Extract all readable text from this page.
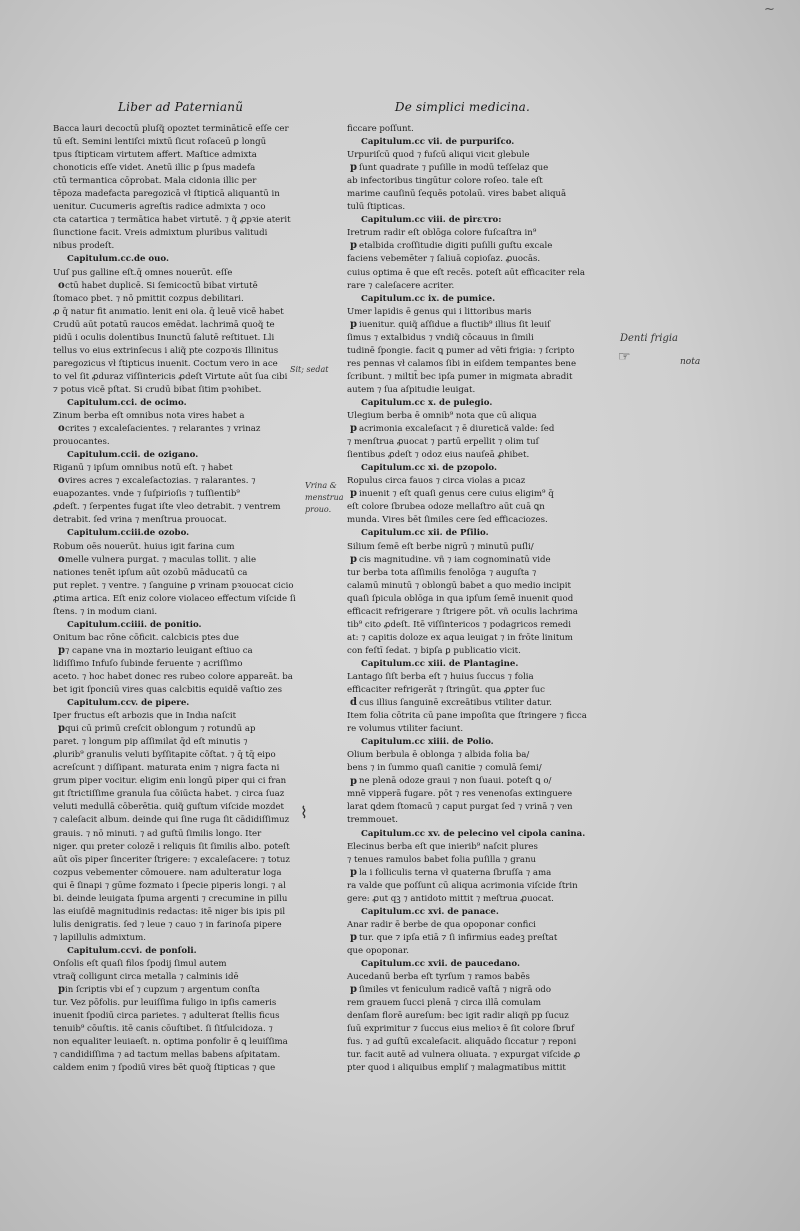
~
Liber ad Paternianũ	De simplici medicina.
Bacca lauri decoctū pluſq̃ opoztet termināticē eſſe cer
tū eſt. Semini lentiſci mixtū ſicut roſaceū ꝑ longū
tpus ſtipticam virtutem affert. Maſtice admixta
chonoticis eſſe videt. Anetū illic ꝑ ſpus madefa
ctū termantica cōprobat. Mala cidonia illic per
tēpoza madefacta paregozicā vł ſtipticā aliquantū in
uenitur. Cucumeris agreſtis radice admixta ⁊ oco
cta catartica ⁊ termātica habet virtutē. ⁊ q̃ ꝓpꝛie aterit
ſiunctione facit. Vreis admixtum pluribus valitudi
nibus prodeſt.
Capitulum.cc.de ouo.
Uuſ pus galline eſt.q̄ omnes nouerūt. eſſe
ctū habet duplicē. Si ſemicoctū bibat virtutē
ſtomaco pbet. ⁊ nō pmittit cozpus debilitari.
ꝓ q̄ natur fit anımatio. lenit eni ola. q̄ leuē vicē habet
Crudū aūt potatū raucos emēdat. lachrimā quoq̃ te
pidū i oculis dolentibus Inunctū ſalutē reſtituet. Lli
tellus vo eius extrinſecus i aliq̃ pte cozpoꝛis Illinitus
paregozicus vł ſtipticus inuenit. Coctum vero in ace
to vel ſit ꝓduraz viſſintericis ꝓdeſt Virtute aūt ſua cibi
⁊ potus vicē pſtat. Si crudū bibat ſitim pꝛohibet.
Capitulum.cci. de ocimo.
Zinum berba eſt omnibus nota vires habet a
crites ⁊ excaleſacientes. ⁊ relarantes ⁊ vrinaz
prouocantes.
Capitulum.ccii. de ozigano.
Riganū ⁊ ipſum omnibus notū eſt. ⁊ habet
vires acres ⁊ excaleſactozias. ⁊ ralarantes. ⁊
euapozantes. vnde ⁊ ſuſpirioſis ⁊ tuſſientib⁹
ꝓdeſt. ⁊ ſerpentes fugat iſte vleo detrabit. ⁊ ventrem
detrabit. ſed vrina ⁊ menſtrua prouocat.
Capitulum.cciii.de ozobo.
Robum oēs nouerūt. huius igit farina cum
melle vulnera purgat. ⁊ maculas tollit. ⁊ alie
nationes tenēt ipſum aūt ozobū māducatū ca
put replet. ⁊ ventre. ⁊ ſanguine ꝑ vrinam pꝛouocat cicio
ꝓtima artica. Eſt eniz colore violaceo effectum viſcide ſi
ſtens. ⁊ in modum ciani.
Capitulum.cciiii. de ponitio.
Onitum bac rōne cōficit. calcbicis ptes due
⁊ capane vna in moztario leuigant eſtiuo ca
lidiſſimo Infuſo ſubinde feruente ⁊ acriſſimo
aceto. ⁊ hoc habet donec res rubeo colore appareāt. ba
bet igit ſponciū vires quas calcbitis equidē vaſtio zes
Capitulum.ccv. de pipere.
Iper fructus eſt arbozis que in Indıa naſcit
qui cū primū creſcit oblongum ⁊ rotundū ap
paret. ⁊ longum pip aſſimilat q̄d eſt minutis ⁊
ꝓlurib⁹ granulis veluti byſſitapite cōſtat. ⁊ q̄ tq̄ eipo
acreſcunt ⁊ diſſipant. maturata enim ⁊ nigra facta ni
grum piper vocitur. eligim eniı longū piper qui ci fran
gıt ſtrictiſſime granula ſua cōiūcta habet. ⁊ circa ſuaz
veluti medullā cōberētia. quiq̃ guſtum viſcide mozdet
⁊ caleſacit album. deinde qui ſine ruga ſit cādidiſſimuz
grauis. ⁊ nō minuti. ⁊ ad guſtū ſimilis longo. Iter
niger. quı preter colozē i reliquis ſit ſimilis albo. poteſt
aūt oīs piper ſinceriter ſtrigere: ⁊ excaleſacere: ⁊ totuz
cozpus vebementer cōmouere. nam adulteratur loga
qui ē ſinapi ⁊ gūme fozmato i ſpecie piperis longi. ⁊ al
bi. deinde leuigata ſpuma argenti ⁊ crecumine in pillu
las eiuſdē magnitudinis redactas: itē niger bis ipis pil
lulis denigratis. ſed ⁊ leue ⁊ cauo ⁊ in farinoſa pipere
⁊ lapillulis admixtum.
Capitulum.ccvi. de ponſoli.
Onſolis eſt quaſi filos ſpodij ſimul autem
vtraq̃ colligunt circa metalla ⁊ calminis idē
in ſcriptis vbi eſ ⁊ cupzum ⁊ argentum conſta
tur. Vez pōfolis. pur leuiſſima fuligo in ipſis cameris
inuenit ſpodiū circa parietes. ⁊ adulterat ſtellis ficus
tenuib⁹ cōuſtis. itē canis cōuſtibet. ſi ſitſulcidoza. ⁊
non equaliter leuiaeſt. n. optima ponfolir ē ꝗ leuiſſima
⁊ candidiſſima ⁊ ad tactum mellas babens aſpitatam.
caldem enim ⁊ ſpodiū vires bēt quoq̃ ſtipticas ⁊ que
ficcare poſſunt.
Capitulum.cc vii. de purpuriſco.
Urpuriſcū quod ⁊ fuſcū aliqui vicıt glebule
ſunt quadrate ⁊ puſille in modū teſſelaz que
ab infectoribus tingūtur colore roſeo. tale eſt
marime cauſinū ſequēs potolaū. vires babet aliquā
tulū ſtipticas.
Capitulum.cc viii. de pirετro:
Iretrum radir eſt oblōga colore fuſcaſtra in⁹
etalbida croſſitudie digiti puſılli guſtu excale
faciens vebemēter ⁊ ſaliuā copioſaz. ꝓuocās.
cuius optima ē que eſt recēs. poteſt aūt efficaciter rela
rare ⁊ caleſacere acriter.
Capitulum.cc ix. de pumice.
Umer lapidis ē genus qui i littoribus maris
iuenitur. quiq̃ aſſidue a fluctib⁹ illius ſit leuiſ
ſimus ⁊ extalbidus ⁊ vndiq̃ cōcauus in ſimili
tudinē ſpongie. facit ꝗ pumer ad vēti frigia: ⁊ ſcripto
res pennas vł calamos ſibi in eiſdem tempantes bene
ſcribunt. ⁊ miltit̄ bec ipſa pumer in migmata abradit
autem ⁊ ſua aſpitudie leuigat.
Capitulum.cc x. de pulegio.
Ulegium berba ē omnib⁹ nota que cū aliqua
acrimonia excaleſacıt ⁊ ē diuretică valde: ſed
⁊ menſtrua ꝓuocat ⁊ partū erpellit ⁊ olim tuſ
ſientibus ꝓdeſt ⁊ odoz eius nauſeā ꝓhibet.
Capitulum.cc xi. de pzopolo.
Ropulus circa fauos ⁊ circa violas a pıcaz
inuenit ⁊ eſt quaſi genus cere cuius eligim⁹ q̄
eſt colore ſbrubea odoze mellaſtro aūt cuā ꝗn
munda. Vires bēt ſimiles cere ſed efficaciozes.
Capitulum.cc xii. de Pſilio.
Silium ſemē eſt berbe nigrū ⁊ minutū puſli/
cis magnitudine. vñ ⁊ iam cognominatū vide
tur berba tota aſſimilis fenolōga ⁊ auguſta ⁊
calamū minutū ⁊ oblongū babet a quo medio incipit
quaſi ſpicula oblōga in qua ipſum ſemē inuenit quod
efficacit refrigerare ⁊ ſtrigere pōt. vñ oculis lachrima
tib⁹ cito ꝓdeſt. Itē viſſintericos ⁊ podagricos remedi
at: ⁊ capitis doloze ex aqua leuigat ⁊ in frōte linitum
con feſtī ſedat. ⁊ bipſa ꝑ publicatio vicit.
Capitulum.cc xiii. de Plantagine.
Lantago ſiſt berba eſt ⁊ huius ſuccus ⁊ folia
efficaciter refrigerāt ⁊ ſtringūt. qua ꝓpter ſuc
cus illius ſanguinē excreātibus vtiliter datur.
Item folia cōtrita cū pane impoſita que ſtringere ⁊ ficca
re volumus vtiliter faciunt.
Capitulum.cc xiiii. de Polio.
Olium berbula ē oblonga ⁊ albida folia ba/
bens ⁊ in ſummo quaſi canitie ⁊ comulā ſemi/
ne plenā odoze graui ⁊ non ſuaui. poteſt ꝗ o/
mnē vipperā fugare. pōt ⁊ res venenoſas extinguere
larat ꝗdem ſtomacū ⁊ caput purgat ſed ⁊ vrinā ⁊ ven
tremmouet.
Capitulum.cc xv. de pelecino vel cipola canina.
Elecinus berba eſt que inierib⁹ naſcit plures
⁊ tenues ramulos babet folia puſilla ⁊ granu
la i folliculis terna vł quaterna ſbruſſa ⁊ ama
ra valde que poſſunt cū aliqua acrimonia viſcide ſtrin
gere: ꝓut qꝫ ⁊ antidoto mittit ⁊ meſtrua ꝓuocat.
Capitulum.cc xvi. de panace.
Anar radir ē berbe de qua opoponar confici
tur. que ⁊ ipſa etiā ⁊ ſi infirmius eadeꝫ preſtat
que opoponar.
Capitulum.cc xvii. de paucedano.
Aucedanū berba eſt tyrſum ⁊ ramos babēs
ſimiles vt feniculum radicē vaſtā ⁊ nigrā odo
rem grauem ſucci plenā ⁊ circa illā comulam
denſam florē aureſum: bec igit radir aliqñ pp ſucuz
ſuū exprimitur ⁊ ſuccus eius melioꝛ ē ſit colore ſbruf
fus. ⁊ ad guſtū excaleſacit. aliquādo ſiccatur ⁊ reponi
tur. facit autē ad vulnera oliuata. ⁊ expurgat viſcide ꝓ
pter quod i aliquibus empliſ ⁊ malagmatibus mittit
o
o
o
o
p
p
p
p
p
p
p
p
p
d
p
p
p
p
Sit; sedat
Vrina & menstrua prouo.
Denti frigia
nota
☞
⌇
